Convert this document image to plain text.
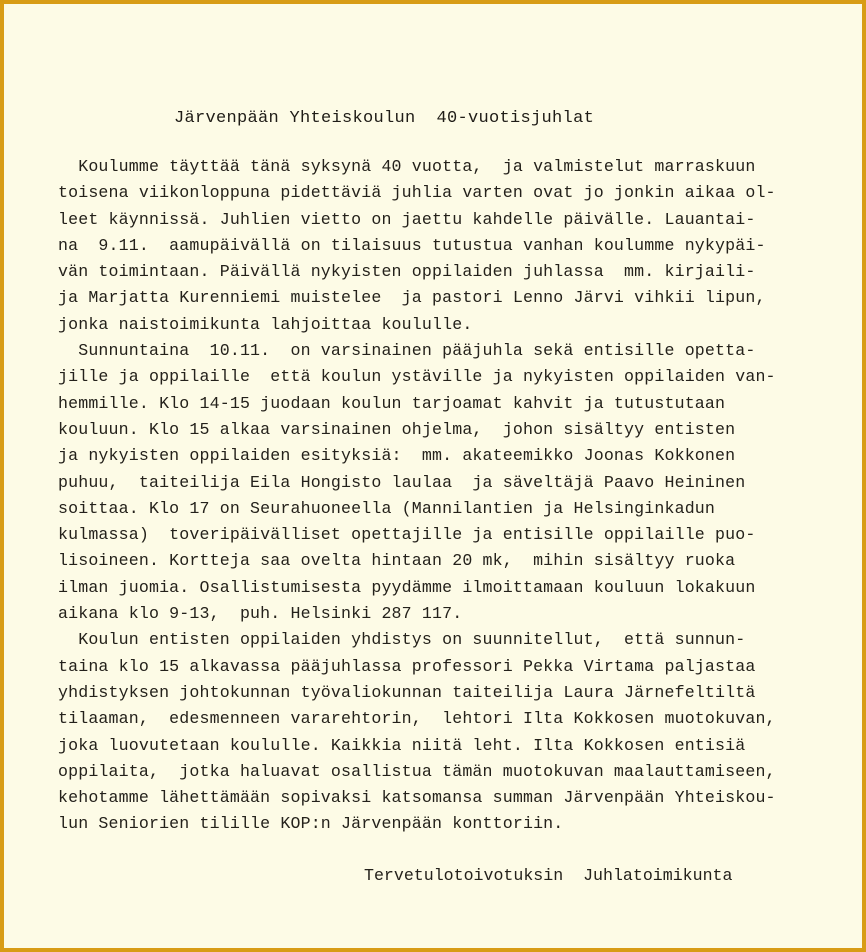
Järvenpään Yhteiskoulun  40-vuotisjuhlat
Koulumme täyttää tänä syksynä 40 vuotta,  ja valmistelut marraskuun
toisena viikonloppuna pidettäviä juhlia varten ovat jo jonkin aikaa ol-
leet käynnissä. Juhlien vietto on jaettu kahdelle päivälle. Lauantai-
na  9.11.  aamupäivällä on tilaisuus tutustua vanhan koulumme nykypäi-
vän toimintaan. Päivällä nykyisten oppilaiden juhlassa  mm. kirjaili-
ja Marjatta Kurenniemi muistelee  ja pastori Lenno Järvi vihkii lipun,
jonka naistoimikunta lahjoittaa koululle.
Sunnuntaina  10.11.  on varsinainen pääjuhla sekä entisille opetta-
jille ja oppilaille  että koulun ystäville ja nykyisten oppilaiden van-
hemmille. Klo 14-15 juodaan koulun tarjoamat kahvit ja tutustutaan
kouluun. Klo 15 alkaa varsinainen ohjelma,  johon sisältyy entisten
ja nykyisten oppilaiden esityksiä:  mm. akateemikko Joonas Kokkonen
puhuu,  taiteilija Eila Hongisto laulaa  ja säveltäjä Paavo Heininen
soittaa. Klo 17 on Seurahuoneella (Mannilantien ja Helsinginkadun
kulmassa)  toveripäivälliset opettajille ja entisille oppilaille puo-
lisoineen. Kortteja saa ovelta hintaan 20 mk,  mihin sisältyy ruoka
ilman juomia. Osallistumisesta pyydämme ilmoittamaan kouluun lokakuun
aikana klo 9-13,  puh. Helsinki 287 117.
Koulun entisten oppilaiden yhdistys on suunnitellut,  että sunnun-
taina klo 15 alkavassa pääjuhlassa professori Pekka Virtama paljastaa
yhdistyksen johtokunnan työvaliokunnan taiteilija Laura Järnefeltiltä
tilaaman,  edesmenneen vararehtorin,  lehtori Ilta Kokkosen muotokuvan,
joka luovutetaan koululle. Kaikkia niitä leht. Ilta Kokkosen entisiä
oppilaita,  jotka haluavat osallistua tämän muotokuvan maalauttamiseen,
kehotamme lähettämään sopivaksi katsomansa summan Järvenpään Yhteiskou-
lun Seniorien tilille KOP:n Järvenpään konttoriin.
Tervetulotoivotuksin  Juhlatoimikunta
